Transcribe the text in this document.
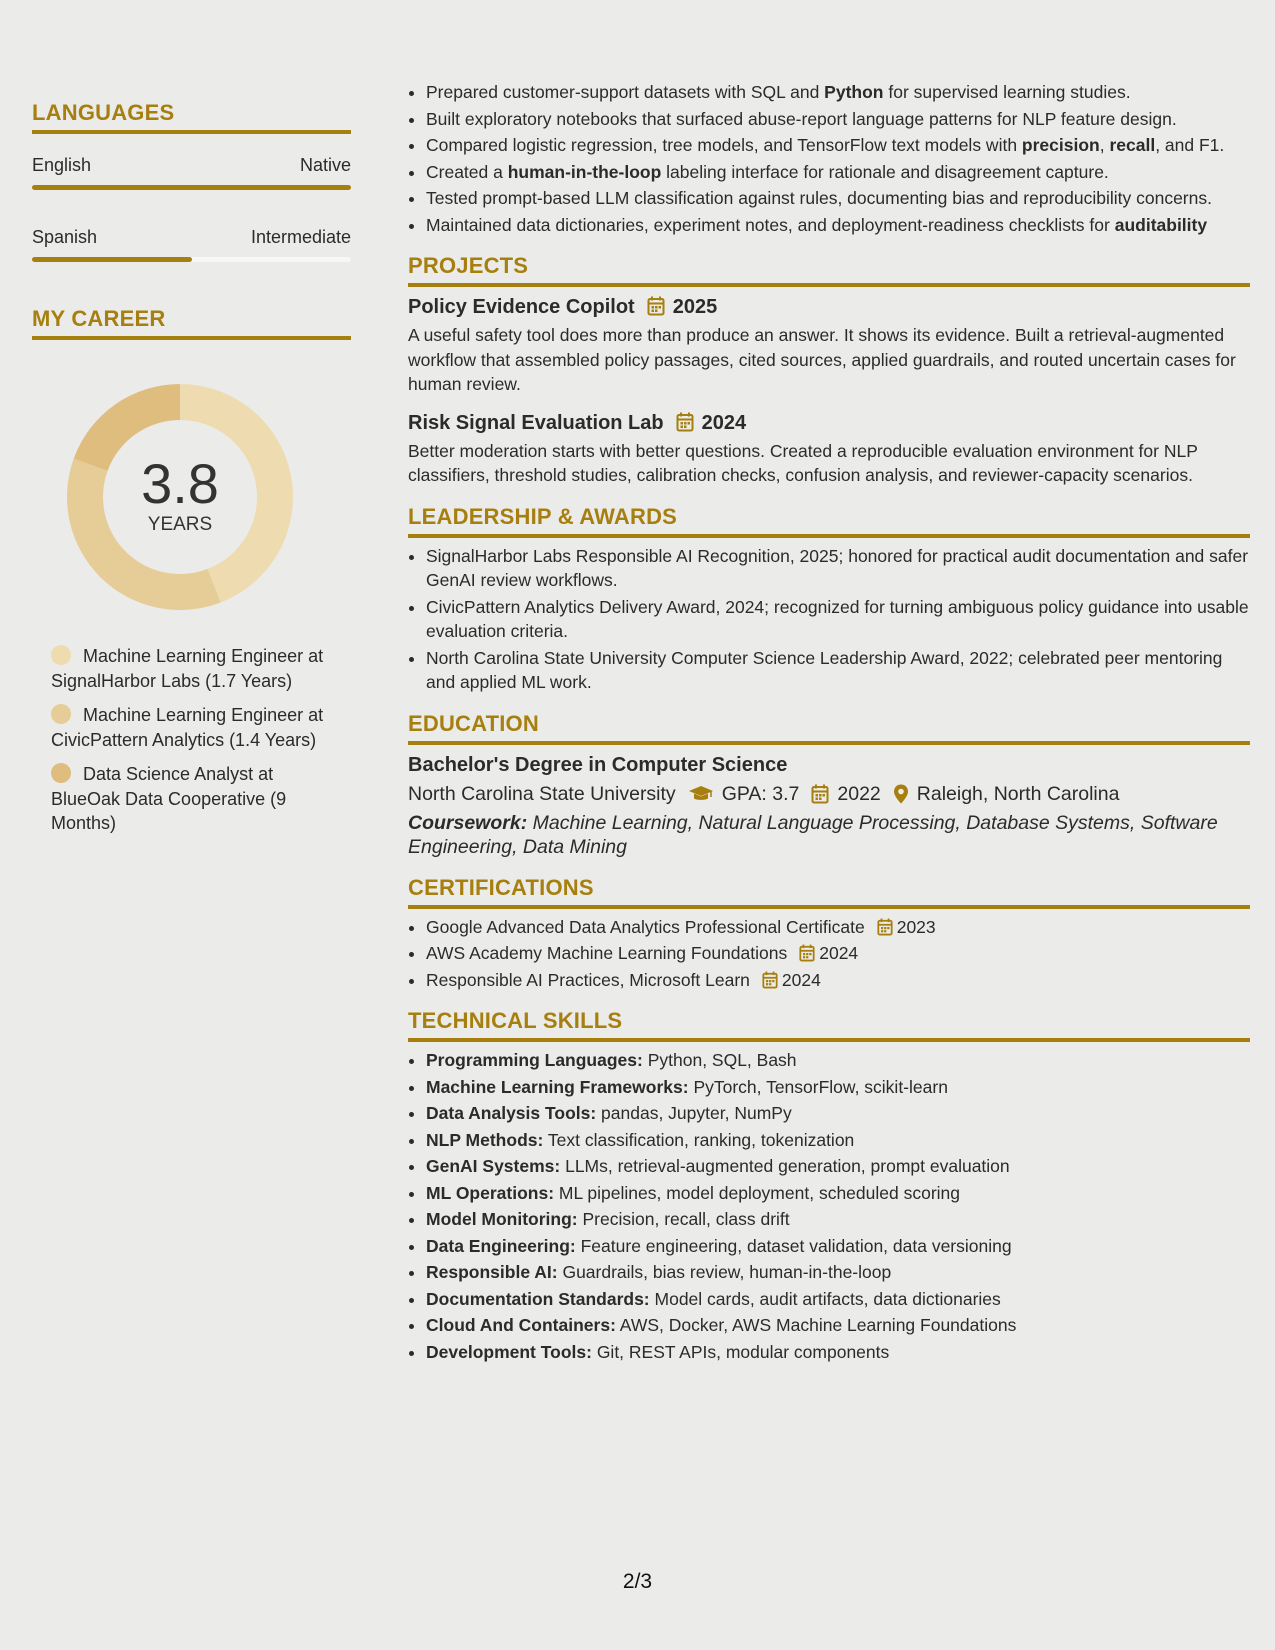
LANGUAGES
English	Native
Spanish	Intermediate
MY CAREER
3.8
YEARS
Machine Learning Engineer at SignalHarbor Labs (1.7 Years)
Machine Learning Engineer at CivicPattern Analytics (1.4 Years)
Data Science Analyst at BlueOak Data Cooperative (9 Months)
• Prepared customer-support datasets with SQL and Python for supervised learning studies.
• Built exploratory notebooks that surfaced abuse-report language patterns for NLP feature design.
• Compared logistic regression, tree models, and TensorFlow text models with precision, recall, and F1.
• Created a human-in-the-loop labeling interface for rationale and disagreement capture.
• Tested prompt-based LLM classification against rules, documenting bias and reproducibility concerns.
• Maintained data dictionaries, experiment notes, and deployment-readiness checklists for auditability
PROJECTS
Policy Evidence Copilot 2025
A useful safety tool does more than produce an answer. It shows its evidence. Built a retrieval-augmented workflow that assembled policy passages, cited sources, applied guardrails, and routed uncertain cases for human review.
Risk Signal Evaluation Lab 2024
Better moderation starts with better questions. Created a reproducible evaluation environment for NLP classifiers, threshold studies, calibration checks, confusion analysis, and reviewer-capacity scenarios.
LEADERSHIP & AWARDS
• SignalHarbor Labs Responsible AI Recognition, 2025; honored for practical audit documentation and safer GenAI review workflows.
• CivicPattern Analytics Delivery Award, 2024; recognized for turning ambiguous policy guidance into usable evaluation criteria.
• North Carolina State University Computer Science Leadership Award, 2022; celebrated peer mentoring and applied ML work.
EDUCATION
Bachelor's Degree in Computer Science
North Carolina State University GPA: 3.7 2022 Raleigh, North Carolina
Coursework: Machine Learning, Natural Language Processing, Database Systems, Software Engineering, Data Mining
CERTIFICATIONS
• Google Advanced Data Analytics Professional Certificate 2023
• AWS Academy Machine Learning Foundations 2024
• Responsible AI Practices, Microsoft Learn 2024
TECHNICAL SKILLS
• Programming Languages: Python, SQL, Bash
• Machine Learning Frameworks: PyTorch, TensorFlow, scikit-learn
• Data Analysis Tools: pandas, Jupyter, NumPy
• NLP Methods: Text classification, ranking, tokenization
• GenAI Systems: LLMs, retrieval-augmented generation, prompt evaluation
• ML Operations: ML pipelines, model deployment, scheduled scoring
• Model Monitoring: Precision, recall, class drift
• Data Engineering: Feature engineering, dataset validation, data versioning
• Responsible AI: Guardrails, bias review, human-in-the-loop
• Documentation Standards: Model cards, audit artifacts, data dictionaries
• Cloud And Containers: AWS, Docker, AWS Machine Learning Foundations
• Development Tools: Git, REST APIs, modular components
2/3
